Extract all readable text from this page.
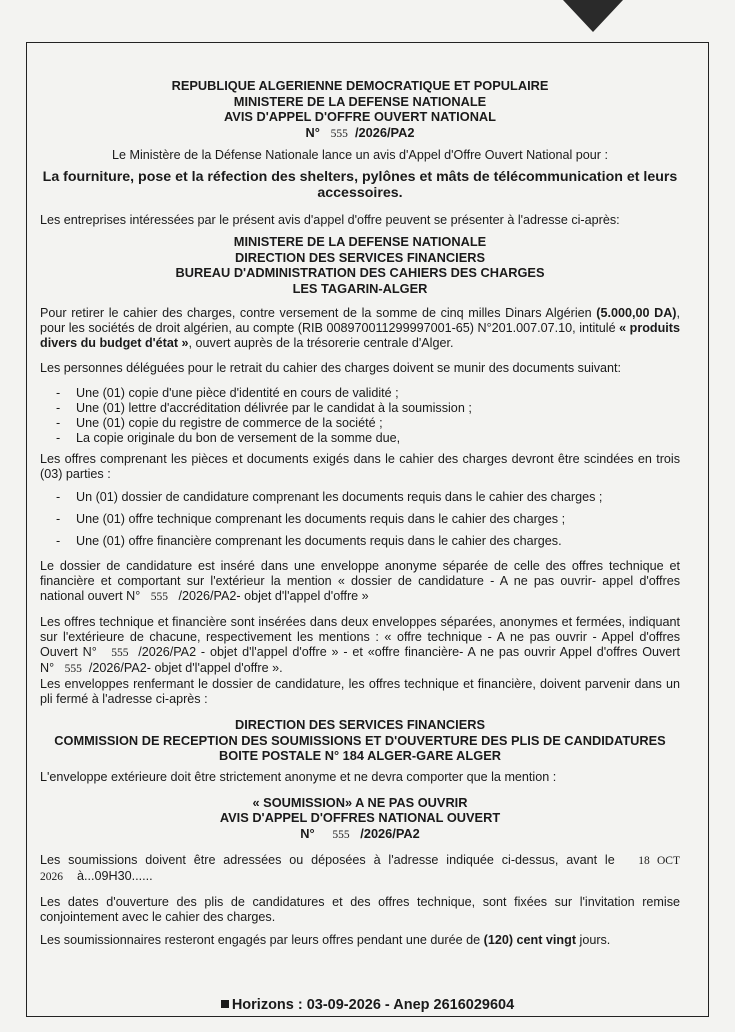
REPUBLIQUE ALGERIENNE DEMOCRATIQUE ET POPULAIRE
MINISTERE DE LA DEFENSE NATIONALE
AVIS D'APPEL D'OFFRE OUVERT NATIONAL
N° 555 /2026/PA2

Le Ministère de la Défense Nationale lance un avis d'Appel d'Offre Ouvert National pour :

La fourniture, pose et la réfection des shelters, pylônes et mâts de télécommunication et leurs accessoires.

Les entreprises intéressées par le présent avis d'appel d'offre peuvent se présenter à l'adresse ci-après:

MINISTERE DE LA DEFENSE NATIONALE
DIRECTION DES SERVICES FINANCIERS
BUREAU D'ADMINISTRATION DES CAHIERS DES CHARGES
LES TAGARIN-ALGER

Pour retirer le cahier des charges, contre versement de la somme de cinq milles Dinars Algérien (5.000,00 DA), pour les sociétés de droit algérien, au compte (RIB 008970011299997001-65) N°201.007.07.10, intitulé « produits divers du budget d'état », ouvert auprès de la trésorerie centrale d'Alger.

Les personnes déléguées pour le retrait du cahier des charges doivent se munir des documents suivant:

- Une (01) copie d'une pièce d'identité en cours de validité ;
- Une (01) lettre d'accréditation délivrée par le candidat à la soumission ;
- Une (01) copie du registre de commerce de la société ;
- La copie originale du bon de versement de la somme due,

Les offres comprenant les pièces et documents exigés dans le cahier des charges devront être scindées en trois (03) parties :

- Un (01) dossier de candidature comprenant les documents requis dans le cahier des charges ;
- Une (01) offre technique comprenant les documents requis dans le cahier des charges ;
- Une (01) offre financière comprenant les documents requis dans le cahier des charges.

Le dossier de candidature est inséré dans une enveloppe anonyme séparée de celle des offres technique et financière et comportant sur l'extérieur la mention « dossier de candidature - A ne pas ouvrir- appel d'offres national ouvert N° 555 /2026/PA2- objet d'l'appel d'offre »

Les offres technique et financière sont insérées dans deux enveloppes séparées, anonymes et fermées, indiquant sur l'extérieure de chacune, respectivement les mentions : « offre technique - A ne pas ouvrir - Appel d'offres Ouvert N° 555 /2026/PA2 - objet d'l'appel d'offre » - et «offre financière- A ne pas ouvrir Appel d'offres Ouvert N° 555 /2026/PA2- objet d'l'appel d'offre ».

Les enveloppes renfermant le dossier de candidature, les offres technique et financière, doivent parvenir dans un pli fermé à l'adresse ci-après :

DIRECTION DES SERVICES FINANCIERS
COMMISSION DE RECEPTION DES SOUMISSIONS ET D'OUVERTURE DES PLIS DE CANDIDATURES
BOITE POSTALE N° 184 ALGER-GARE ALGER

L'enveloppe extérieure doit être strictement anonyme et ne devra comporter que la mention :

« SOUMISSION» A NE PAS OUVRIR
AVIS D'APPEL D'OFFRES NATIONAL OUVERT
N° 555 /2026/PA2

Les soumissions doivent être adressées ou déposées à l'adresse indiquée ci-dessus, avant le 18 OCT 2026 à...09H30......

Les dates d'ouverture des plis de candidatures et des offres technique, sont fixées sur l'invitation remise conjointement avec le cahier des charges.

Les soumissionnaires resteront engagés par leurs offres pendant une durée de (120) cent vingt jours.

Horizons : 03-09-2026 - Anep 2616029604
